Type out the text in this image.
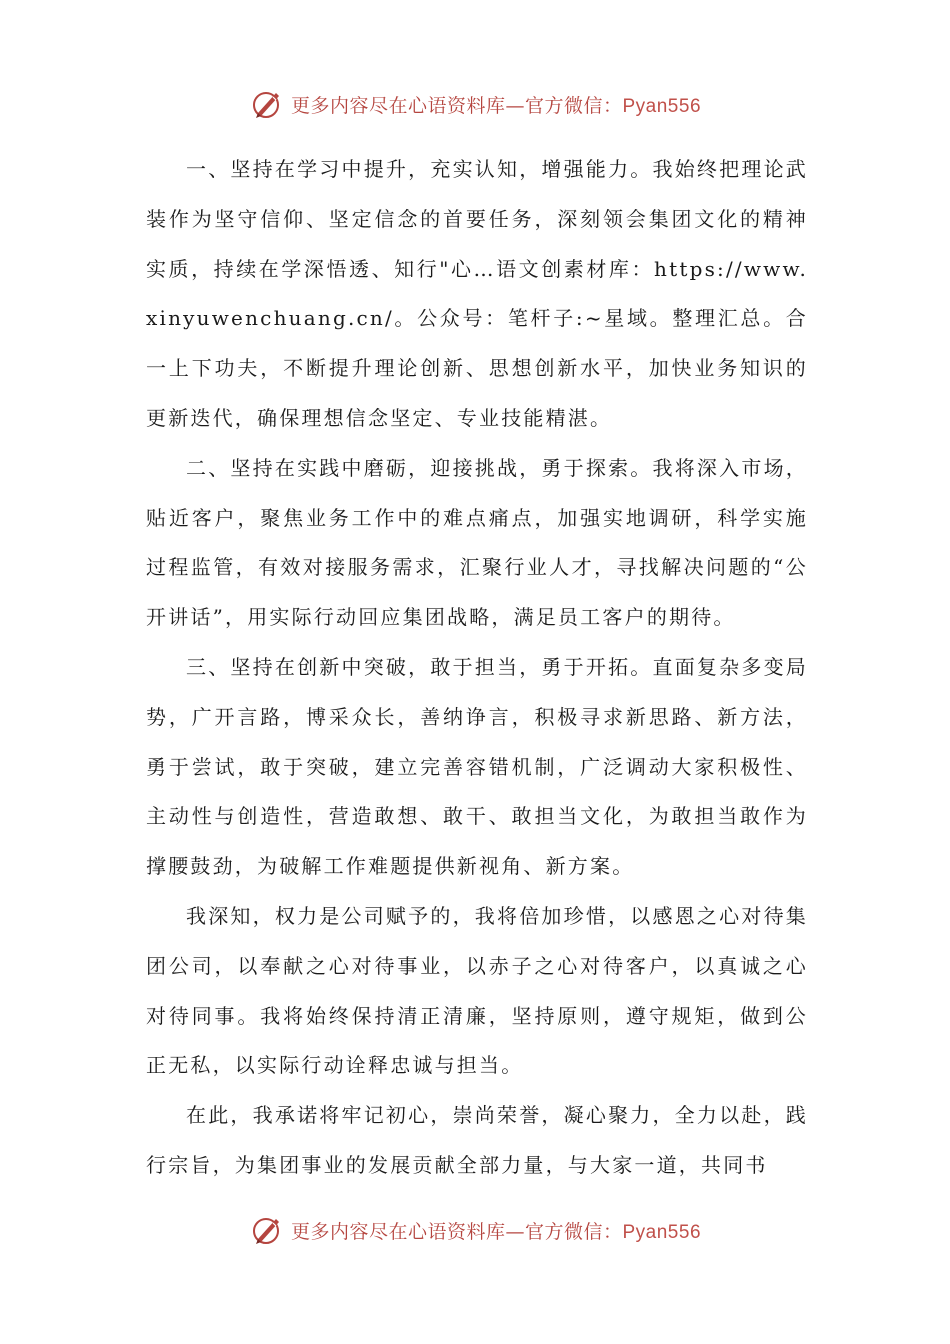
更多内容尽在心语资料库—官方微信：Pyan556

一、坚持在学习中提升，充实认知，增强能力。我始终把理论武装作为坚守信仰、坚定信念的首要任务，深刻领会集团文化的精神实质，持续在学深悟透、知行"心…语文创素材库：https://www.xinyuwenchuang.cn/。公众号：笔杆子:~星域。整理汇总。合一上下功夫，不断提升理论创新、思想创新水平，加快业务知识的更新迭代，确保理想信念坚定、专业技能精湛。

二、坚持在实践中磨砺，迎接挑战，勇于探索。我将深入市场，贴近客户，聚焦业务工作中的难点痛点，加强实地调研，科学实施过程监管，有效对接服务需求，汇聚行业人才，寻找解决问题的“公开讲话”，用实际行动回应集团战略，满足员工客户的期待。

三、坚持在创新中突破，敢于担当，勇于开拓。直面复杂多变局势，广开言路，博采众长，善纳诤言，积极寻求新思路、新方法，勇于尝试，敢于突破，建立完善容错机制，广泛调动大家积极性、主动性与创造性，营造敢想、敢干、敢担当文化，为敢担当敢作为撑腰鼓劲，为破解工作难题提供新视角、新方案。

我深知，权力是公司赋予的，我将倍加珍惜，以感恩之心对待集团公司，以奉献之心对待事业，以赤子之心对待客户，以真诚之心对待同事。我将始终保持清正清廉，坚持原则，遵守规矩，做到公正无私，以实际行动诠释忠诚与担当。

在此，我承诺将牢记初心，崇尚荣誉，凝心聚力，全力以赴，践行宗旨，为集团事业的发展贡献全部力量，与大家一道，共同书

更多内容尽在心语资料库—官方微信：Pyan556
